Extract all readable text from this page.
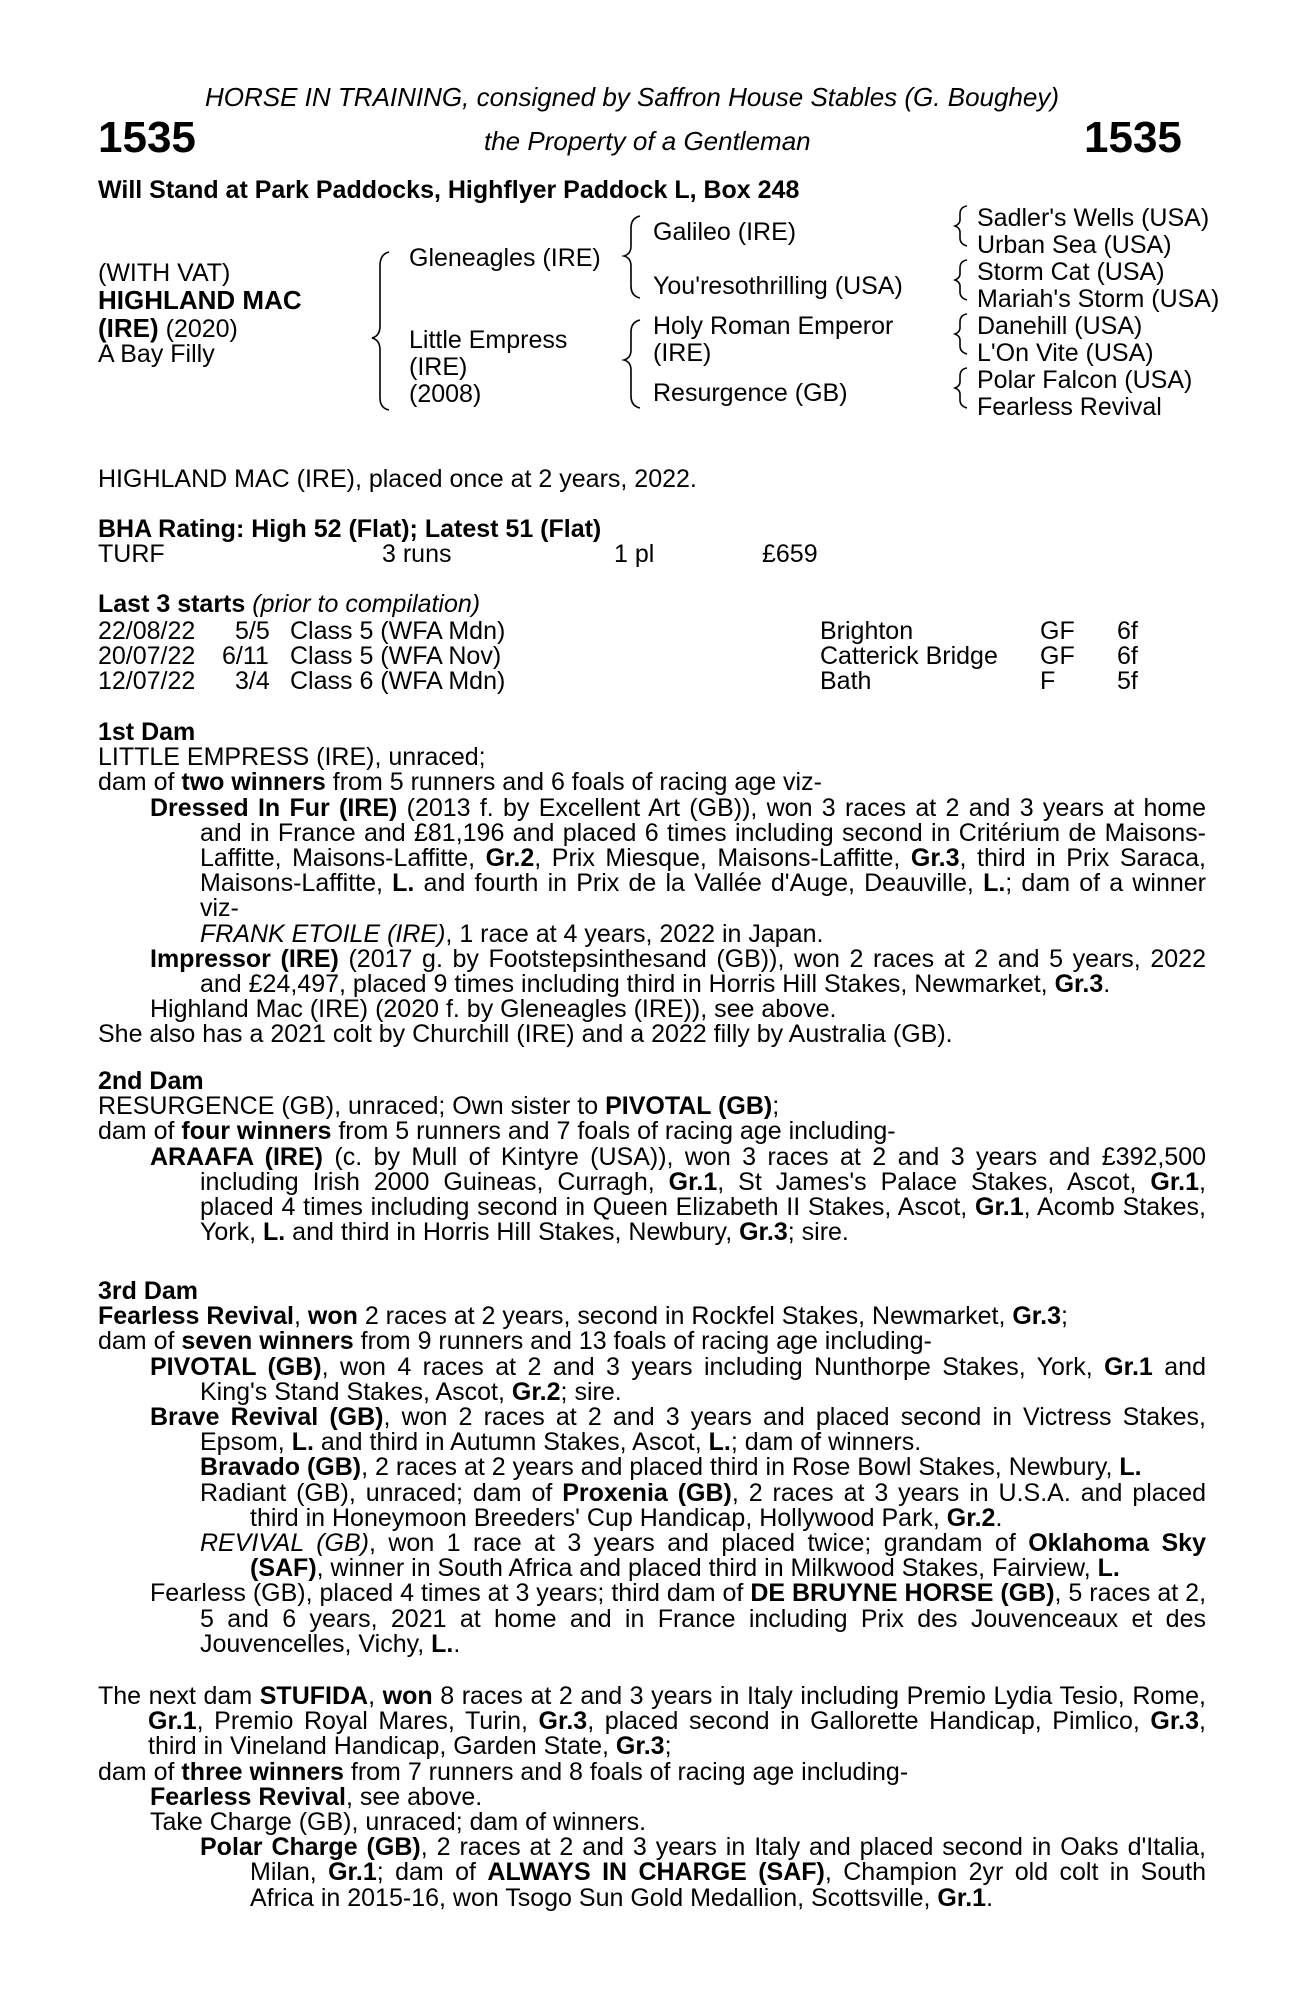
HORSE IN TRAINING, consigned by Saffron House Stables (G. Boughey)
1535	the Property of a Gentleman	1535
Will Stand at Park Paddocks, Highflyer Paddock L, Box 248
(WITH VAT)
HIGHLAND MAC
(IRE) (2020)
A Bay Filly
Gleneagles (IRE)
Little Empress
(IRE)
(2008)
Galileo (IRE)
You'resothrilling (USA)
Holy Roman Emperor
(IRE)
Resurgence (GB)
Sadler's Wells (USA)
Urban Sea (USA)
Storm Cat (USA)
Mariah's Storm (USA)
Danehill (USA)
L'On Vite (USA)
Polar Falcon (USA)
Fearless Revival
HIGHLAND MAC (IRE), placed once at 2 years, 2022.
BHA Rating: High 52 (Flat); Latest 51 (Flat)
TURF	3 runs	1 pl	£659
Last 3 starts (prior to compilation)
22/08/22 5/5 Class 5 (WFA Mdn)	Brighton	GF 6f
20/07/22 6/11 Class 5 (WFA Nov)	Catterick Bridge GF 6f
12/07/22 3/4 Class 6 (WFA Mdn)	Bath	F 5f

1st Dam

LITTLE EMPRESS (IRE), unraced;

dam of two winners from 5 runners and 6 foals of racing age viz-

Dressed In Fur (IRE) (2013 f. by Excellent Art (GB)), won 3 races at 2 and 3 years at home and in France and £81,196 and placed 6 times including second in Critérium de Maisons-Laffitte, Maisons-Laffitte, Gr.2, Prix Miesque, Maisons-Laffitte, Gr.3, third in Prix Saraca, Maisons-Laffitte, L. and fourth in Prix de la Vallée d'Auge, Deauville, L.; dam of a winner viz-

FRANK ETOILE (IRE), 1 race at 4 years, 2022 in Japan.

Impressor (IRE) (2017 g. by Footstepsinthesand (GB)), won 2 races at 2 and 5 years, 2022 and £24,497, placed 9 times including third in Horris Hill Stakes, Newmarket, Gr.3.

Highland Mac (IRE) (2020 f. by Gleneagles (IRE)), see above.

She also has a 2021 colt by Churchill (IRE) and a 2022 filly by Australia (GB).

2nd Dam

RESURGENCE (GB), unraced; Own sister to PIVOTAL (GB);

dam of four winners from 5 runners and 7 foals of racing age including-

ARAAFA (IRE) (c. by Mull of Kintyre (USA)), won 3 races at 2 and 3 years and £392,500 including Irish 2000 Guineas, Curragh, Gr.1, St James's Palace Stakes, Ascot, Gr.1, placed 4 times including second in Queen Elizabeth II Stakes, Ascot, Gr.1, Acomb Stakes, York, L. and third in Horris Hill Stakes, Newbury, Gr.3; sire.

3rd Dam

Fearless Revival, won 2 races at 2 years, second in Rockfel Stakes, Newmarket, Gr.3;

dam of seven winners from 9 runners and 13 foals of racing age including-

PIVOTAL (GB), won 4 races at 2 and 3 years including Nunthorpe Stakes, York, Gr.1 and King's Stand Stakes, Ascot, Gr.2; sire.

Brave Revival (GB), won 2 races at 2 and 3 years and placed second in Victress Stakes, Epsom, L. and third in Autumn Stakes, Ascot, L.; dam of winners.

Bravado (GB), 2 races at 2 years and placed third in Rose Bowl Stakes, Newbury, L.

Radiant (GB), unraced; dam of Proxenia (GB), 2 races at 3 years in U.S.A. and placed third in Honeymoon Breeders' Cup Handicap, Hollywood Park, Gr.2.

REVIVAL (GB), won 1 race at 3 years and placed twice; grandam of Oklahoma Sky (SAF), winner in South Africa and placed third in Milkwood Stakes, Fairview, L.

Fearless (GB), placed 4 times at 3 years; third dam of DE BRUYNE HORSE (GB), 5 races at 2, 5 and 6 years, 2021 at home and in France including Prix des Jouvenceaux et des Jouvencelles, Vichy, L..

The next dam STUFIDA, won 8 races at 2 and 3 years in Italy including Premio Lydia Tesio, Rome, Gr.1, Premio Royal Mares, Turin, Gr.3, placed second in Gallorette Handicap, Pimlico, Gr.3, third in Vineland Handicap, Garden State, Gr.3;

dam of three winners from 7 runners and 8 foals of racing age including-

Fearless Revival, see above.

Take Charge (GB), unraced; dam of winners.

Polar Charge (GB), 2 races at 2 and 3 years in Italy and placed second in Oaks d'Italia, Milan, Gr.1; dam of ALWAYS IN CHARGE (SAF), Champion 2yr old colt in South Africa in 2015-16, won Tsogo Sun Gold Medallion, Scottsville, Gr.1.
